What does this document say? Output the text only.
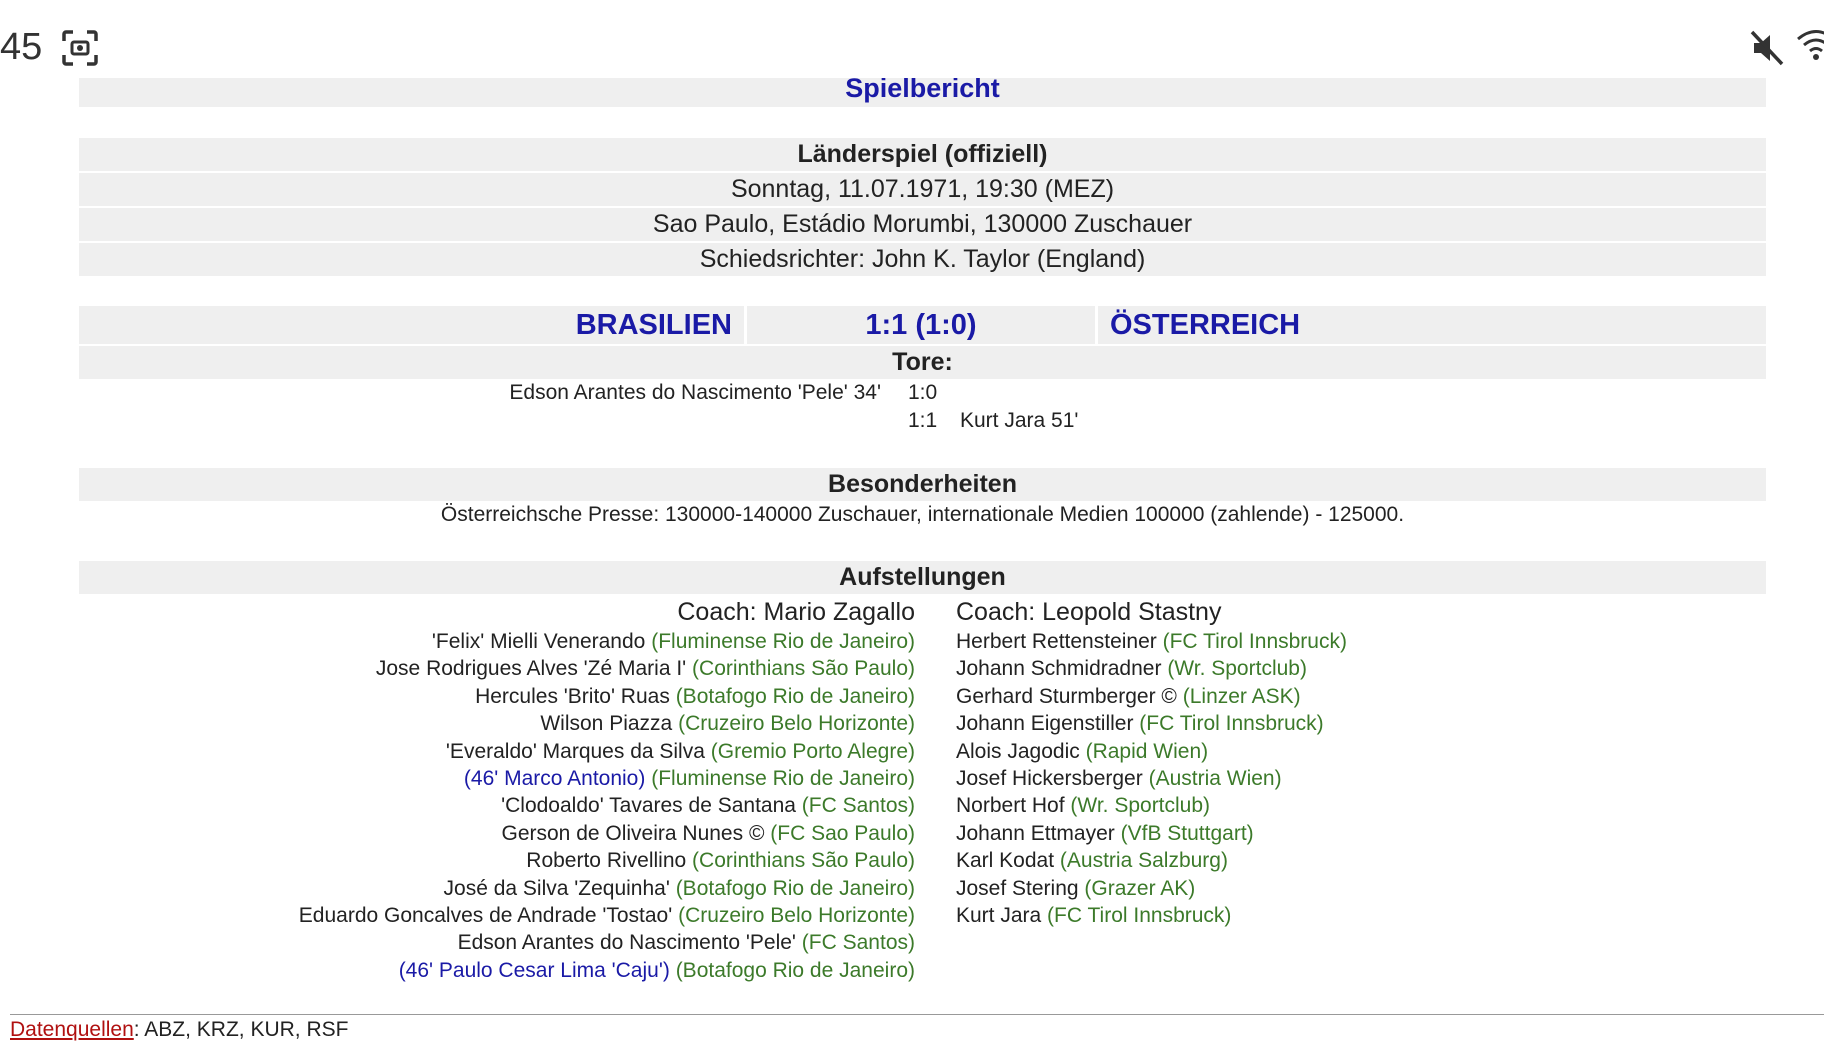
45
Spielbericht
Länderspiel (offiziell)
Sonntag, 11.07.1971, 19:30 (MEZ)
Sao Paulo, Estádio Morumbi, 130000 Zuschauer
Schiedsrichter: John K. Taylor (England)
BRASILIEN	1:1 (1:0)	ÖSTERREICH
Tore:
Edson Arantes do Nascimento 'Pele' 34' 1:0
1:1 Kurt Jara 51'
Besonderheiten
Österreichsche Presse: 130000-140000 Zuschauer, internationale Medien 100000 (zahlende) - 125000.
Aufstellungen
Coach: Mario Zagallo Coach: Leopold Stastny
'Felix' Mielli Venerando (Fluminense Rio de Janeiro)
Jose Rodrigues Alves 'Zé Maria I' (Corinthians São Paulo)
Hercules 'Brito' Ruas (Botafogo Rio de Janeiro)
Wilson Piazza (Cruzeiro Belo Horizonte)
'Everaldo' Marques da Silva (Gremio Porto Alegre)
(46' Marco Antonio) (Fluminense Rio de Janeiro)
'Clodoaldo' Tavares de Santana (FC Santos)
Gerson de Oliveira Nunes © (FC Sao Paulo)
Roberto Rivellino (Corinthians São Paulo)
José da Silva 'Zequinha' (Botafogo Rio de Janeiro)
Eduardo Goncalves de Andrade 'Tostao' (Cruzeiro Belo Horizonte)
Edson Arantes do Nascimento 'Pele' (FC Santos)
(46' Paulo Cesar Lima 'Caju') (Botafogo Rio de Janeiro)
Herbert Rettensteiner (FC Tirol Innsbruck)
Johann Schmidradner (Wr. Sportclub)
Gerhard Sturmberger © (Linzer ASK)
Johann Eigenstiller (FC Tirol Innsbruck)
Alois Jagodic (Rapid Wien)
Josef Hickersberger (Austria Wien)
Norbert Hof (Wr. Sportclub)
Johann Ettmayer (VfB Stuttgart)
Karl Kodat (Austria Salzburg)
Josef Stering (Grazer AK)
Kurt Jara (FC Tirol Innsbruck)
Datenquellen: ABZ, KRZ, KUR, RSF
